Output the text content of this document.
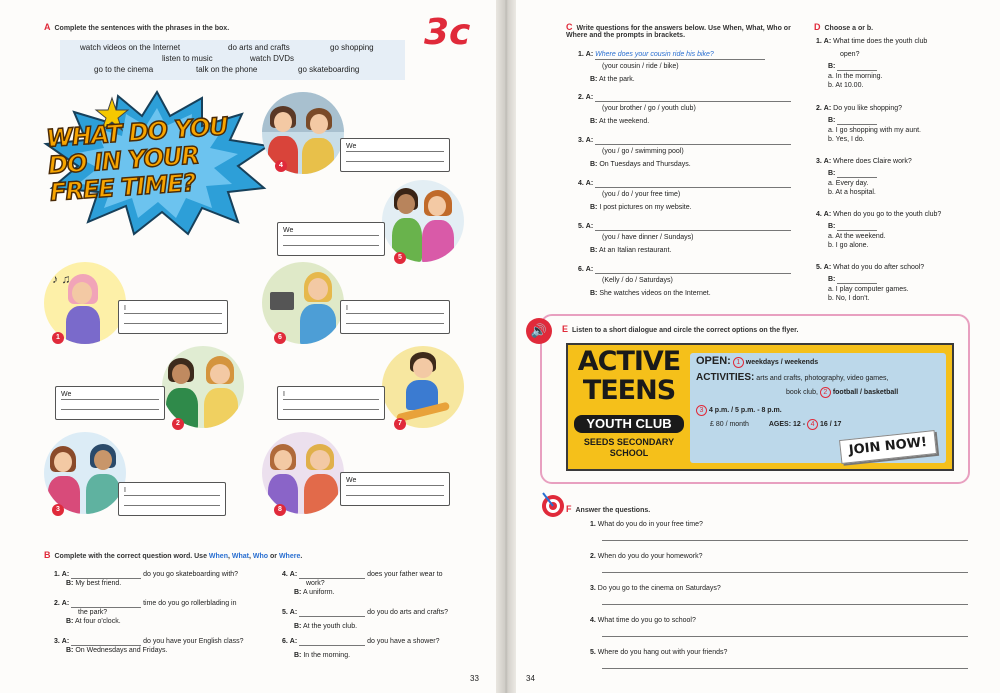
A Complete the sentences with the phrases in the box.
watch videos on the Internet	do arts and crafts	go shopping
listen to music	watch DVDs
go to the cinema	talk on the phone	go skateboarding
3c
WHAT DO YOU
DO IN YOUR
FREE TIME?
4
We
5
We
♪ ♫
1
I
6
I
2
We
7
I
3
I
8
We
B Complete with the correct question word. Use When, What, Who or Where.
1. A:	do you go skateboarding with?
B: My best friend.
2. A:	time do you go rollerblading in
the park?
B: At four o'clock.
3. A:	do you have your English class?
B: On Wednesdays and Fridays.
4. A:	does your father wear to
work?
B: A uniform.
5. A:	do you do arts and crafts?
B: At the youth club.
6. A:	do you have a shower?
B: In the morning.
33
C Write questions for the answers below. Use When, What, Who or Where and the prompts in brackets.
1. A: Where does your cousin ride his bike?
(your cousin / ride / bike)
B: At the park.
2. A:
(your brother / go / youth club)
B: At the weekend.
3. A:
(you / go / swimming pool)
B: On Tuesdays and Thursdays.
4. A:
(you / do / your free time)
B: I post pictures on my website.
5. A:
(you / have dinner / Sundays)
B: At an Italian restaurant.
6. A:
(Kelly / do / Saturdays)
B: She watches videos on the Internet.
D Choose a or b.
1. A: What time does the youth club
open?
B:
a. In the morning.
b. At 10.00.
2. A: Do you like shopping?
B:
a. I go shopping with my aunt.
b. Yes, I do.
3. A: Where does Claire work?
B:
a. Every day.
b. At a hospital.
4. A: When do you go to the youth club?
B:
a. At the weekend.
b. I go alone.
5. A: What do you do after school?
B:
a. I play computer games.
b. No, I don't.
🔊	E Listen to a short dialogue and circle the correct options on the flyer.
ACTIVE
TEENS
YOUTH CLUB
SEEDS SECONDARY
SCHOOL
OPEN: 1 weekdays / weekends
ACTIVITIES: arts and crafts, photography, video games,
book club, 2 football / basketball
3 4 p.m. / 5 p.m. - 8 p.m.
£ 80 / month	AGES: 12 - 4 16 / 17
JOIN NOW!
F Answer the questions.
1. What do you do in your free time?
2. When do you do your homework?
3. Do you go to the cinema on Saturdays?
4. What time do you go to school?
5. Where do you hang out with your friends?
34
